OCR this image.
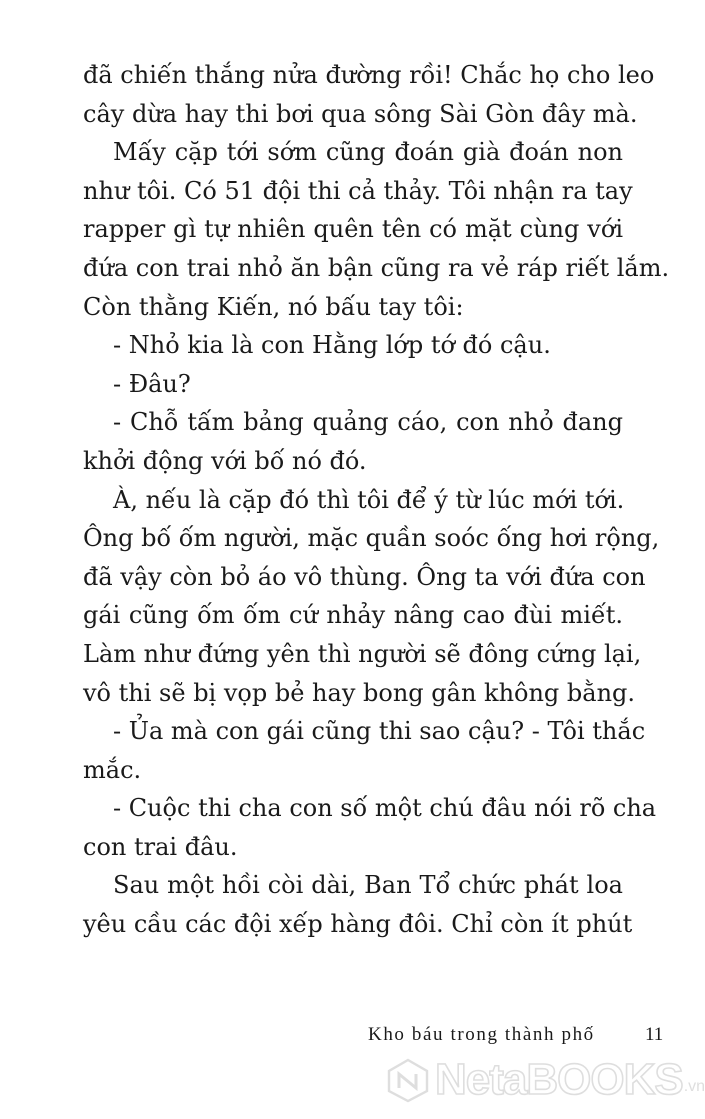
đã chiến thắng nửa đường rồi! Chắc họ cho leo
cây dừa hay thi bơi qua sông Sài Gòn đây mà.
Mấy cặp tới sớm cũng đoán già đoán non
như tôi. Có 51 đội thi cả thảy. Tôi nhận ra tay
rapper gì tự nhiên quên tên có mặt cùng với
đứa con trai nhỏ ăn bận cũng ra vẻ ráp riết lắm.
Còn thằng Kiến, nó bấu tay tôi:
- Nhỏ kia là con Hằng lớp tớ đó cậu.
- Đâu?
- Chỗ tấm bảng quảng cáo, con nhỏ đang
khởi động với bố nó đó.
À, nếu là cặp đó thì tôi để ý từ lúc mới tới.
Ông bố ốm người, mặc quần soóc ống hơi rộng,
đã vậy còn bỏ áo vô thùng. Ông ta với đứa con
gái cũng ốm ốm cứ nhảy nâng cao đùi miết.
Làm như đứng yên thì người sẽ đông cứng lại,
vô thi sẽ bị vọp bẻ hay bong gân không bằng.
- Ủa mà con gái cũng thi sao cậu? - Tôi thắc
mắc.
- Cuộc thi cha con số một chú đâu nói rõ cha
con trai đâu.
Sau một hồi còi dài, Ban Tổ chức phát loa
yêu cầu các đội xếp hàng đôi. Chỉ còn ít phút
Kho báu trong thành phố	11
NetaBOOKS .vn
